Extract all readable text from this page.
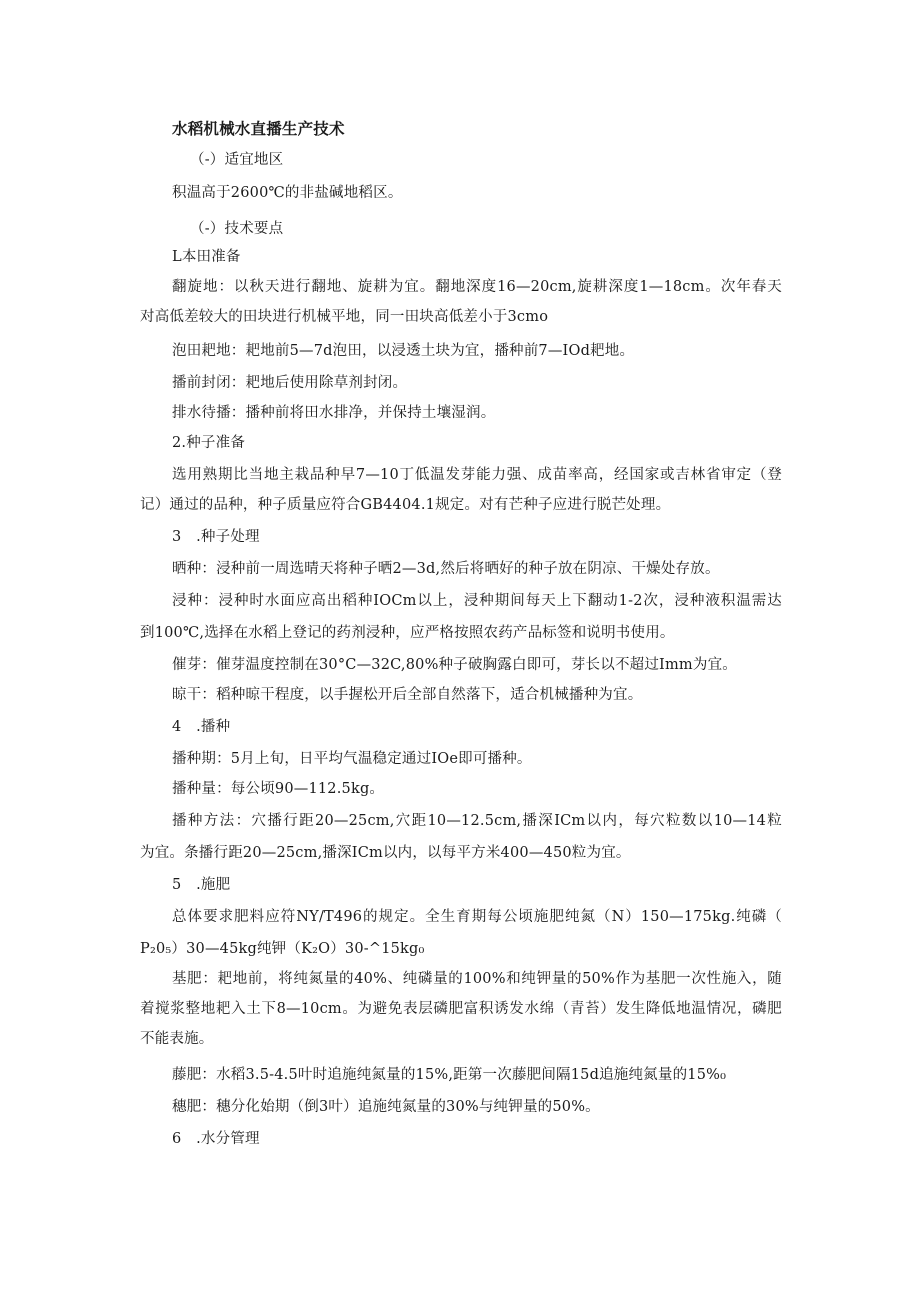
水稻机械水直播生产技术
（-）适宜地区
积温高于2600℃的非盐碱地稻区。
（-）技术要点
L本田准备
翻旋地：以秋天进行翻地、旋耕为宜。翻地深度16—20cm,旋耕深度1—18cm。次年春天
对高低差较大的田块进行机械平地，同一田块高低差小于3cmo
泡田耙地：耙地前5—7d泡田，以浸透土块为宜，播种前7—IOd耙地。
播前封闭：耙地后使用除草剂封闭。
排水待播：播种前将田水排净，并保持土壤湿润。
2.种子准备
选用熟期比当地主栽品种早7—10丁低温发芽能力强、成苗率高，经国家或吉林省审定（登
记）通过的品种，种子质量应符合GB4404.1规定。对有芒种子应进行脱芒处理。
3　.种子处理
晒种：浸种前一周选晴天将种子晒2—3d,然后将晒好的种子放在阴凉、干燥处存放。
浸种：浸种时水面应高出稻种IOCm以上，浸种期间每天上下翻动1-2次，浸种液积温需达
到100℃,选择在水稻上登记的药剂浸种，应严格按照农药产品标签和说明书使用。
催芽：催芽温度控制在30°C—32C,80%种子破胸露白即可，芽长以不超过Imm为宜。
晾干：稻种晾干程度，以手握松开后全部自然落下，适合机械播种为宜。
4　.播种
播种期：5月上旬，日平均气温稳定通过IOe即可播种。
播种量：每公顷90—112.5kg。
播种方法：穴播行距20—25cm,穴距10—12.5cm,播深ICm以内，每穴粒数以10—14粒
为宜。条播行距20—25cm,播深ICm以内，以每平方米400—450粒为宜。
5　.施肥
总体要求肥料应符NY/T496的规定。全生育期每公顷施肥纯氮（N）150—175kg.纯磷（
P₂0₅）30—45kg纯钾（K₂O）30-^15kg₀
基肥：耙地前，将纯氮量的40%、纯磷量的100%和纯钾量的50%作为基肥一次性施入，随
着搅浆整地耙入土下8—10cm。为避免表层磷肥富积诱发水绵（青苔）发生降低地温情况，磷肥
不能表施。
藤肥：水稻3.5-4.5叶时追施纯氮量的15%,距第一次藤肥间隔15d追施纯氮量的15%₀
穗肥：穗分化始期（倒3叶）追施纯氮量的30%与纯钾量的50%。
6　.水分管理
